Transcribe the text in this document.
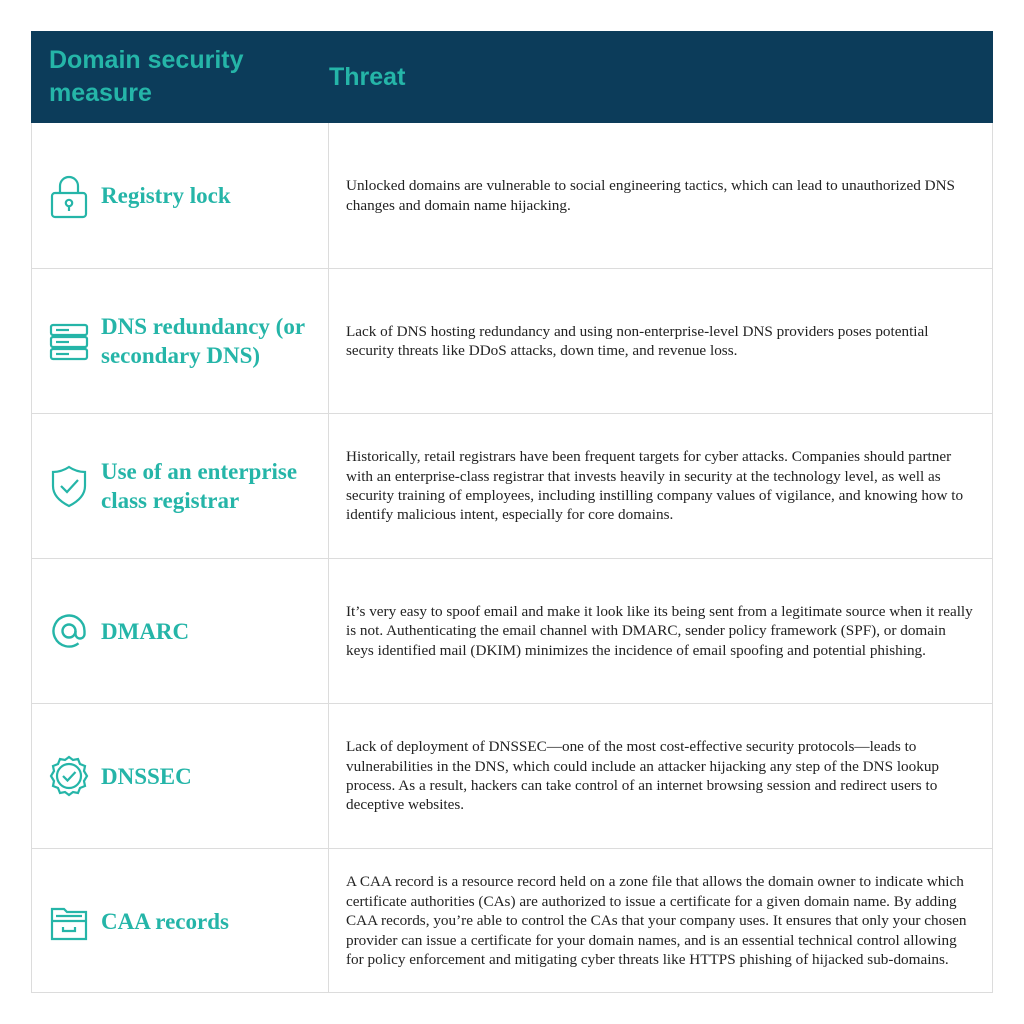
Domain security measure
Threat
Registry lock	Unlocked domains are vulnerable to social engineering tactics, which can lead to unauthorized DNS changes and domain name hijacking.
DNS redundancy (or secondary DNS)
Lack of DNS hosting redundancy and using non-enterprise-level DNS providers poses potential security threats like DDoS attacks, down time, and revenue loss.
Use of an enterprise class registrar
Historically, retail registrars have been frequent targets for cyber attacks. Companies should partner with an enterprise-class registrar that invests heavily in security at the technology level, as well as security training of employees, including instilling company values of vigilance, and knowing how to identify malicious intent, especially for core domains.
DMARC
It’s very easy to spoof email and make it look like its being sent from a legitimate source when it really is not. Authenticating the email channel with DMARC, sender policy framework (SPF), or domain keys identified mail (DKIM) minimizes the incidence of email spoofing and potential phishing.
DNSSEC
Lack of deployment of DNSSEC—one of the most cost-effective security protocols—leads to vulnerabilities in the DNS, which could include an attacker hijacking any step of the DNS lookup process. As a result, hackers can take control of an internet browsing session and redirect users to deceptive websites.
CAA records
A CAA record is a resource record held on a zone file that allows the domain owner to indicate which certificate authorities (CAs) are authorized to issue a certificate for a given domain name. By adding CAA records, you’re able to control the CAs that your company uses. It ensures that only your chosen provider can issue a certificate for your domain names, and is an essential technical control allowing for policy enforcement and mitigating cyber threats like HTTPS phishing of hijacked sub-domains.
